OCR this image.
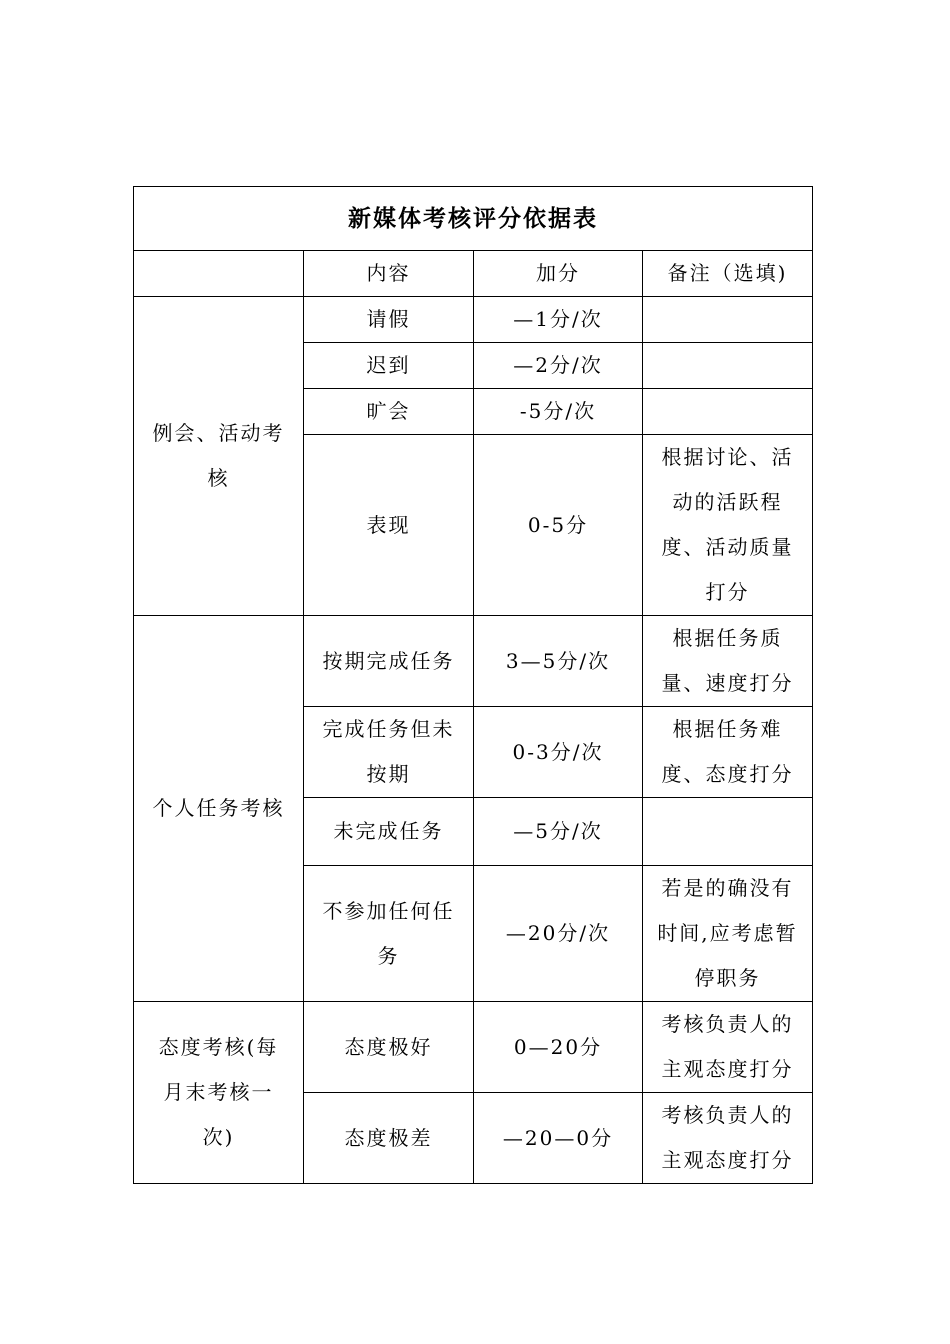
新媒体考核评分依据表			
	内容	加分	备注（选填)
例会、活动考核	请假	—1分/次	
	迟到	—2分/次	
	旷会	-5分/次	
	表现	0-5分	根据讨论、活动的活跃程度、活动质量打分
个人任务考核	按期完成任务	3—5分/次	根据任务质量、速度打分
	完成任务但未按期	0-3分/次	根据任务难度、态度打分
	未完成任务	—5分/次	
	不参加任何任务	—20分/次	若是的确没有时间,应考虑暂停职务
态度考核(每月末考核一次)	态度极好	0—20分	考核负责人的主观态度打分
	态度极差	—20—0分	考核负责人的主观态度打分
